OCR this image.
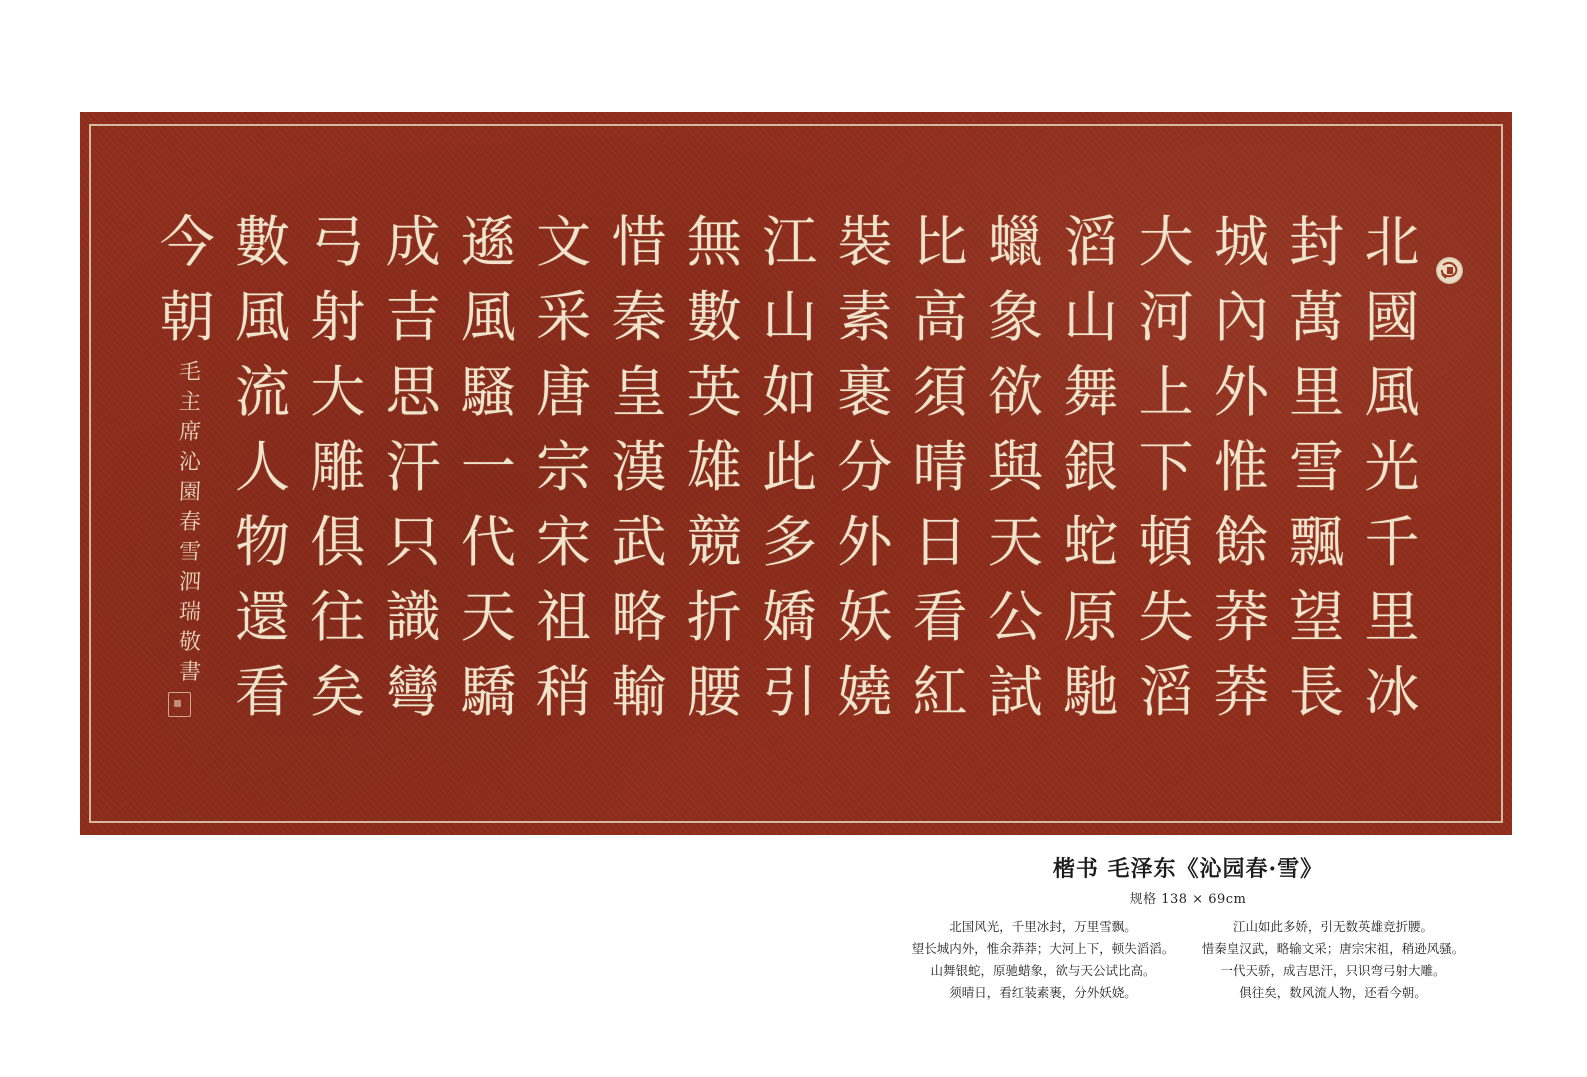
北
國
風
光
千
里
冰
封
萬
里
雪
飄
望
長
城
內
外
惟
餘
莽
莽
大
河
上
下
頓
失
滔
滔
山
舞
銀
蛇
原
馳
蠟
象
欲
與
天
公
試
比
高
須
晴
日
看
紅
裝
素
裹
分
外
妖
嬈
江
山
如
此
多
嬌
引
無
數
英
雄
競
折
腰
惜
秦
皇
漢
武
略
輸
文
采
唐
宗
宋
祖
稍
遜
風
騷
一
代
天
驕
成
吉
思
汗
只
識
彎
弓
射
大
雕
俱
往
矣
數
風
流
人
物
還
看
今
朝
毛
主
席
沁
園
春
雪
泗
瑞
敬
書
楷书 毛泽东《沁园春·雪》
规格 138 × 69cm
北国风光，千里冰封，万里雪飘。
望长城内外，惟余莽莽；大河上下，顿失滔滔。
山舞银蛇，原驰蜡象，欲与天公试比高。
须晴日，看红装素裹，分外妖娆。
江山如此多娇，引无数英雄竞折腰。
惜秦皇汉武，略输文采；唐宗宋祖，稍逊风骚。
一代天骄，成吉思汗，只识弯弓射大雕。
俱往矣，数风流人物，还看今朝。
